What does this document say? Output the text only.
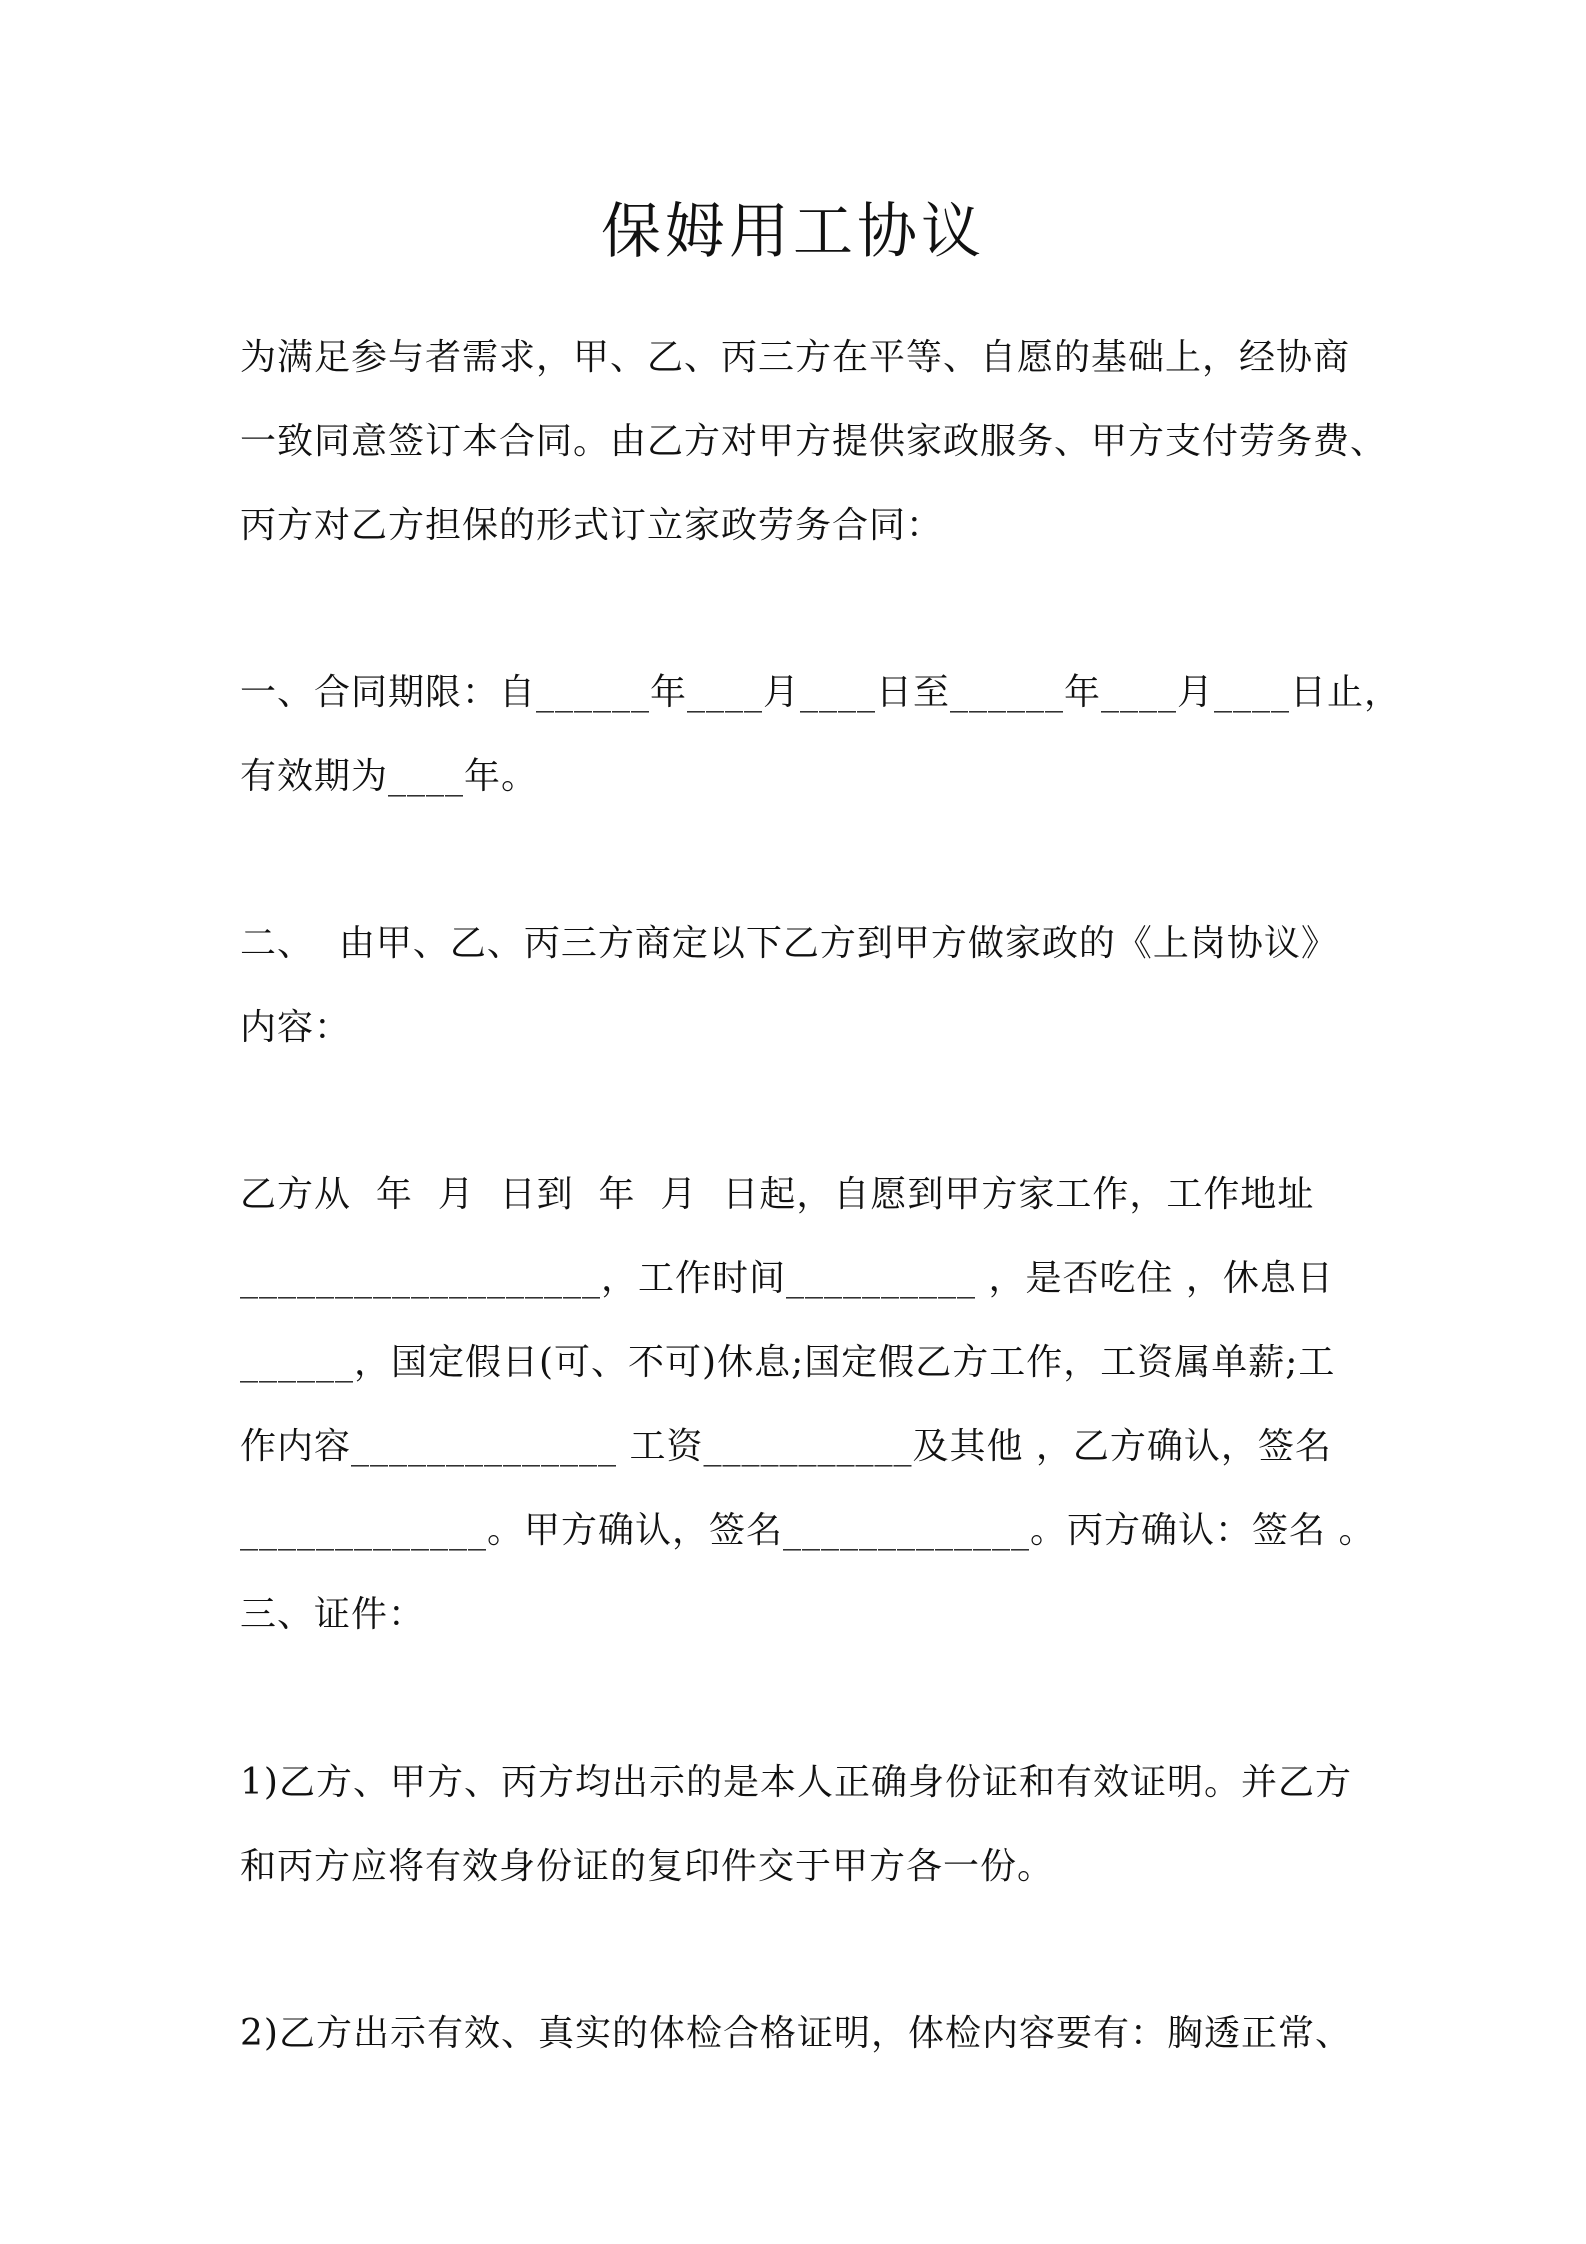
保姆用工协议
为满足参与者需求，甲、乙、丙三方在平等、自愿的基础上，经协商
一致同意签订本合同。由乙方对甲方提供家政服务、甲方支付劳务费、
丙方对乙方担保的形式订立家政劳务合同：
一、合同期限：自______年____月____日至______年____月____日止，
有效期为____年。
二、  由甲、乙、丙三方商定以下乙方到甲方做家政的《上岗协议》
内容：
乙方从  年  月  日到  年  月  日起，自愿到甲方家工作，工作地址
___________________，工作时间__________ ，是否吃住 ，休息日
______，国定假日(可、不可)休息;国定假乙方工作，工资属单薪;工
作内容______________ 工资___________及其他 ，乙方确认，签名
_____________。甲方确认，签名_____________。丙方确认：签名 。
三、证件：
1)乙方、甲方、丙方均出示的是本人正确身份证和有效证明。并乙方
和丙方应将有效身份证的复印件交于甲方各一份。
2)乙方出示有效、真实的体检合格证明，体检内容要有：胸透正常、
